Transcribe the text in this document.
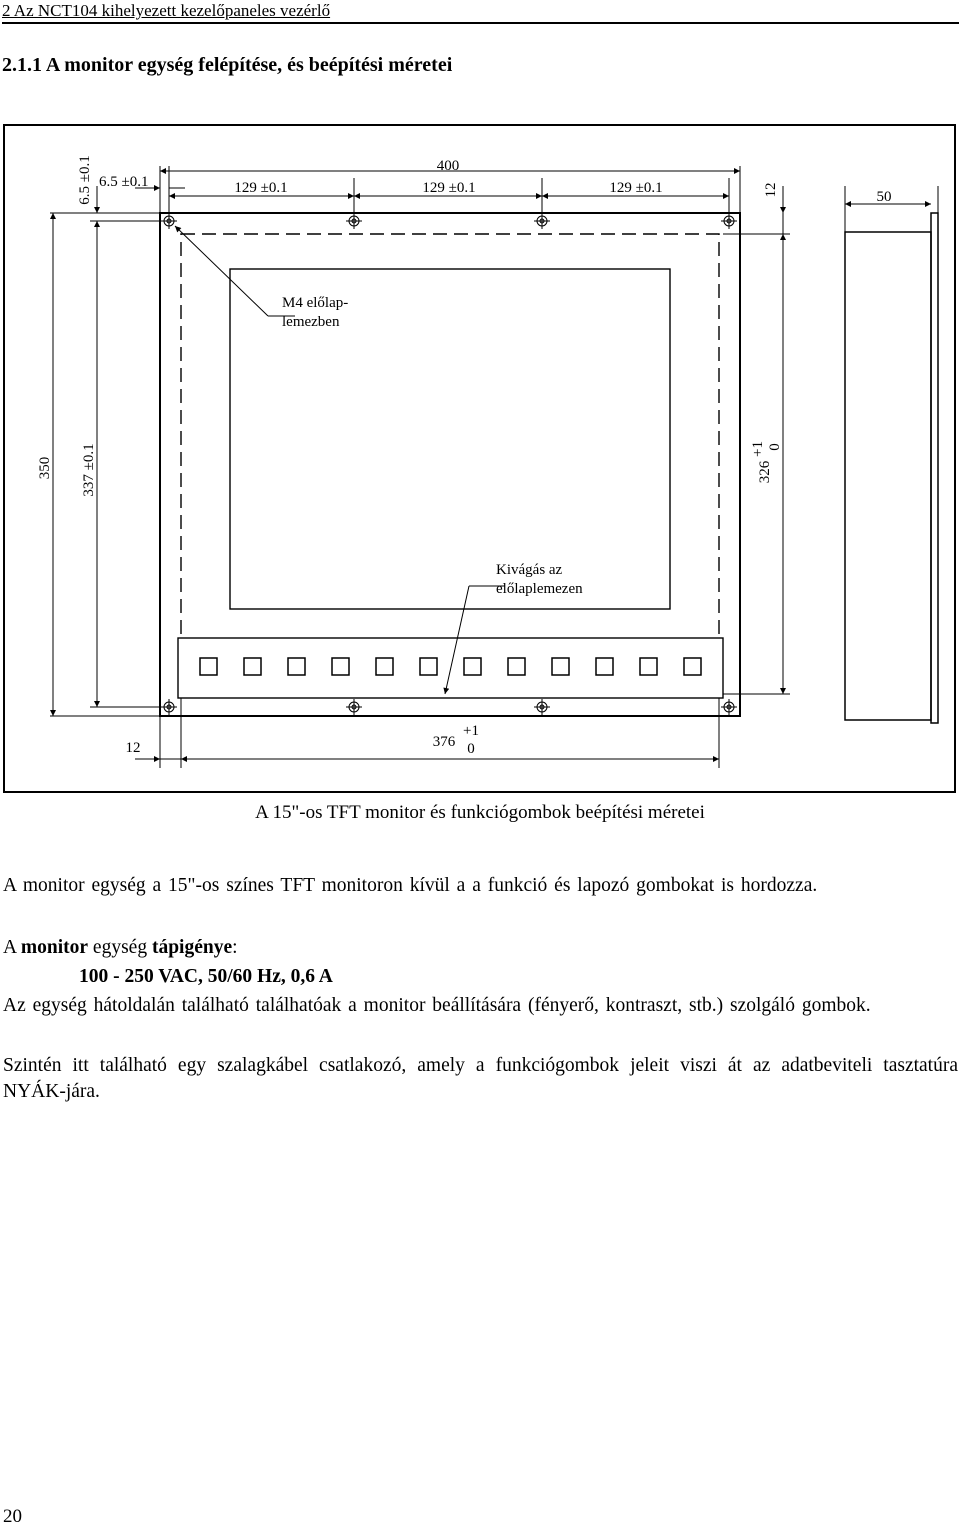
2 Az NCT104 kihelyezett kezelőpaneles vezérlő
2.1.1 A monitor egység felépítése, és beépítési méretei
400
129 ±0.1	129 ±0.1	129 ±0.1
6.5 ±0.1
6.5 ±0.1	12	50
350 337 ±0.1	326
+1 0
12	376
+1
0
M4 előlap-
lemezben
Kivágás az
előlaplemezen
A 15"-os TFT monitor és funkciógombok beépítési méretei
A monitor egység a 15"-os színes TFT monitoron kívül a a funkció és lapozó gombokat is hordozza.
A monitor egység tápigénye:
100 - 250 VAC, 50/60 Hz, 0,6 A
Az egység hátoldalán található találhatóak a monitor beállítására (fényerő, kontraszt, stb.) szolgáló gombok.
Szintén itt található egy szalagkábel csatlakozó, amely a funkciógombok jeleit viszi át az adatbeviteli tasztatúra NYÁK-jára.
20
